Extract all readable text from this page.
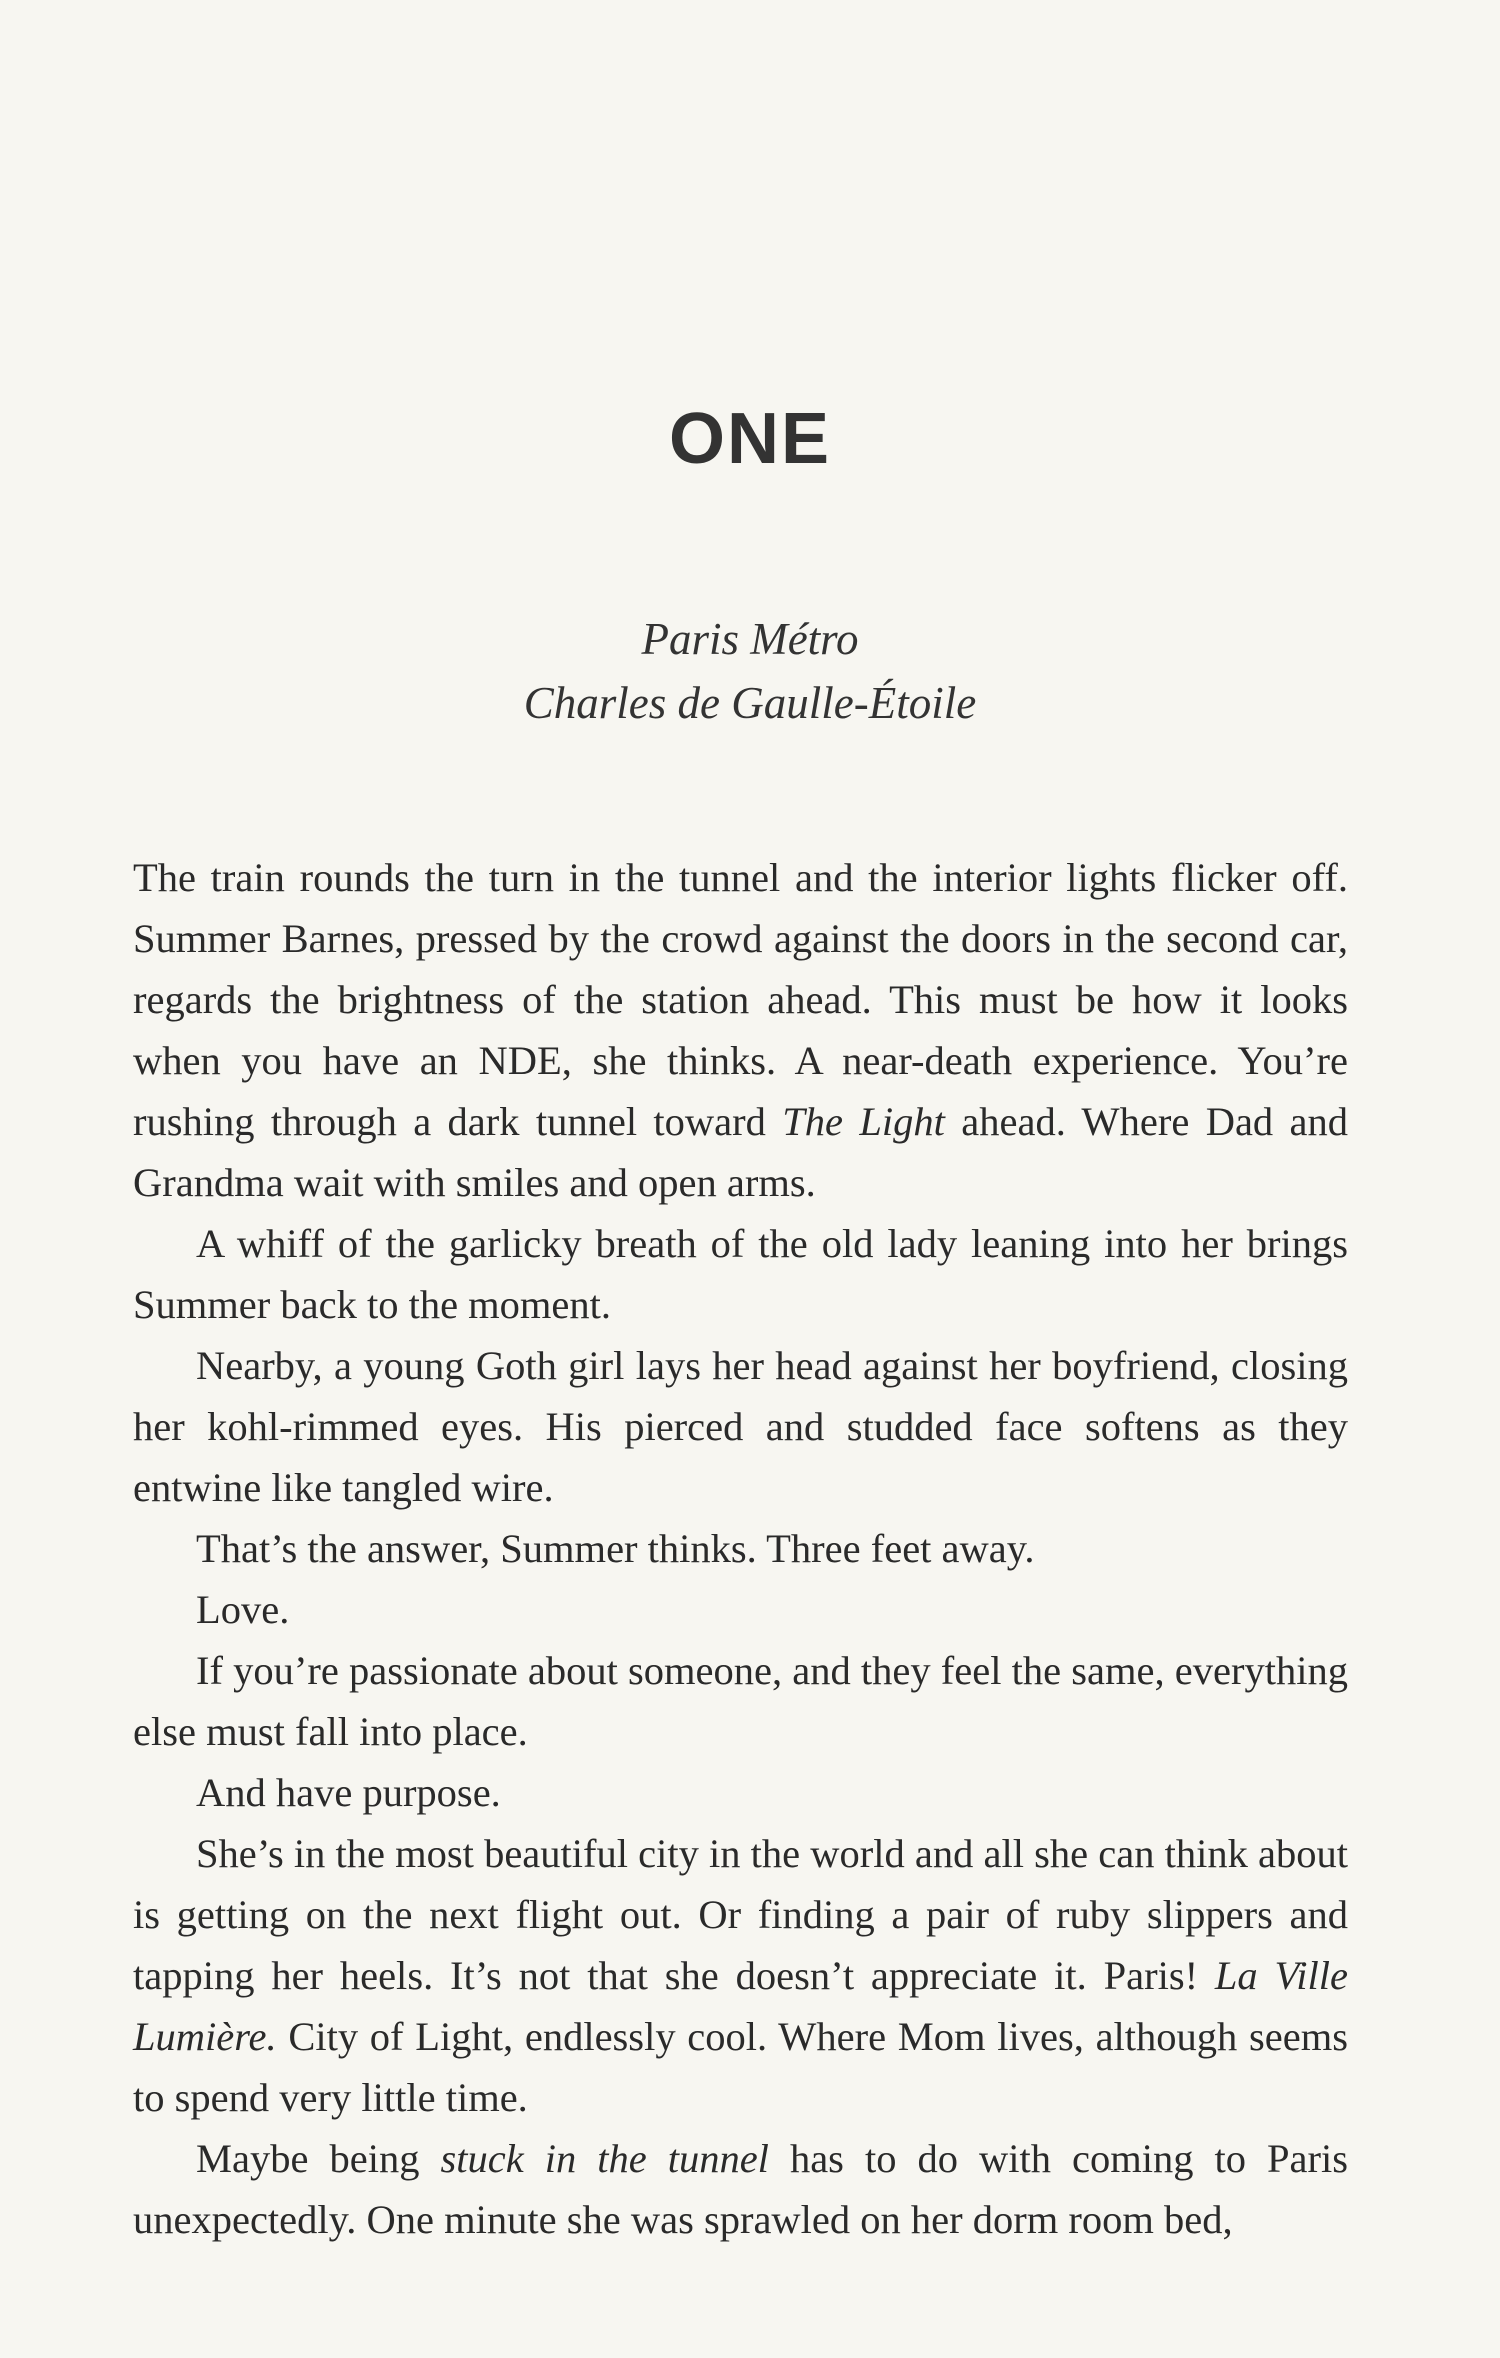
ONE
Paris Métro
Charles de Gaulle-Étoile

The train rounds the turn in the tunnel and the interior lights flicker off. Summer Barnes, pressed by the crowd against the doors in the second car, regards the brightness of the station ahead. This must be how it looks when you have an NDE, she thinks. A near-death experience. You’re rushing through a dark tunnel toward The Light ahead. Where Dad and Grandma wait with smiles and open arms.

A whiff of the garlicky breath of the old lady leaning into her brings Summer back to the moment.

Nearby, a young Goth girl lays her head against her boyfriend, closing her kohl-rimmed eyes. His pierced and studded face softens as they entwine like tangled wire.

That’s the answer, Summer thinks. Three feet away.

Love.

If you’re passionate about someone, and they feel the same, everything else must fall into place.

And have purpose.

She’s in the most beautiful city in the world and all she can think about is getting on the next flight out. Or finding a pair of ruby slippers and tapping her heels. It’s not that she doesn’t appreciate it. Paris! La Ville Lumière. City of Light, endlessly cool. Where Mom lives, although seems to spend very little time.

Maybe being stuck in the tunnel has to do with coming to Paris unexpectedly. One minute she was sprawled on her dorm room bed,
